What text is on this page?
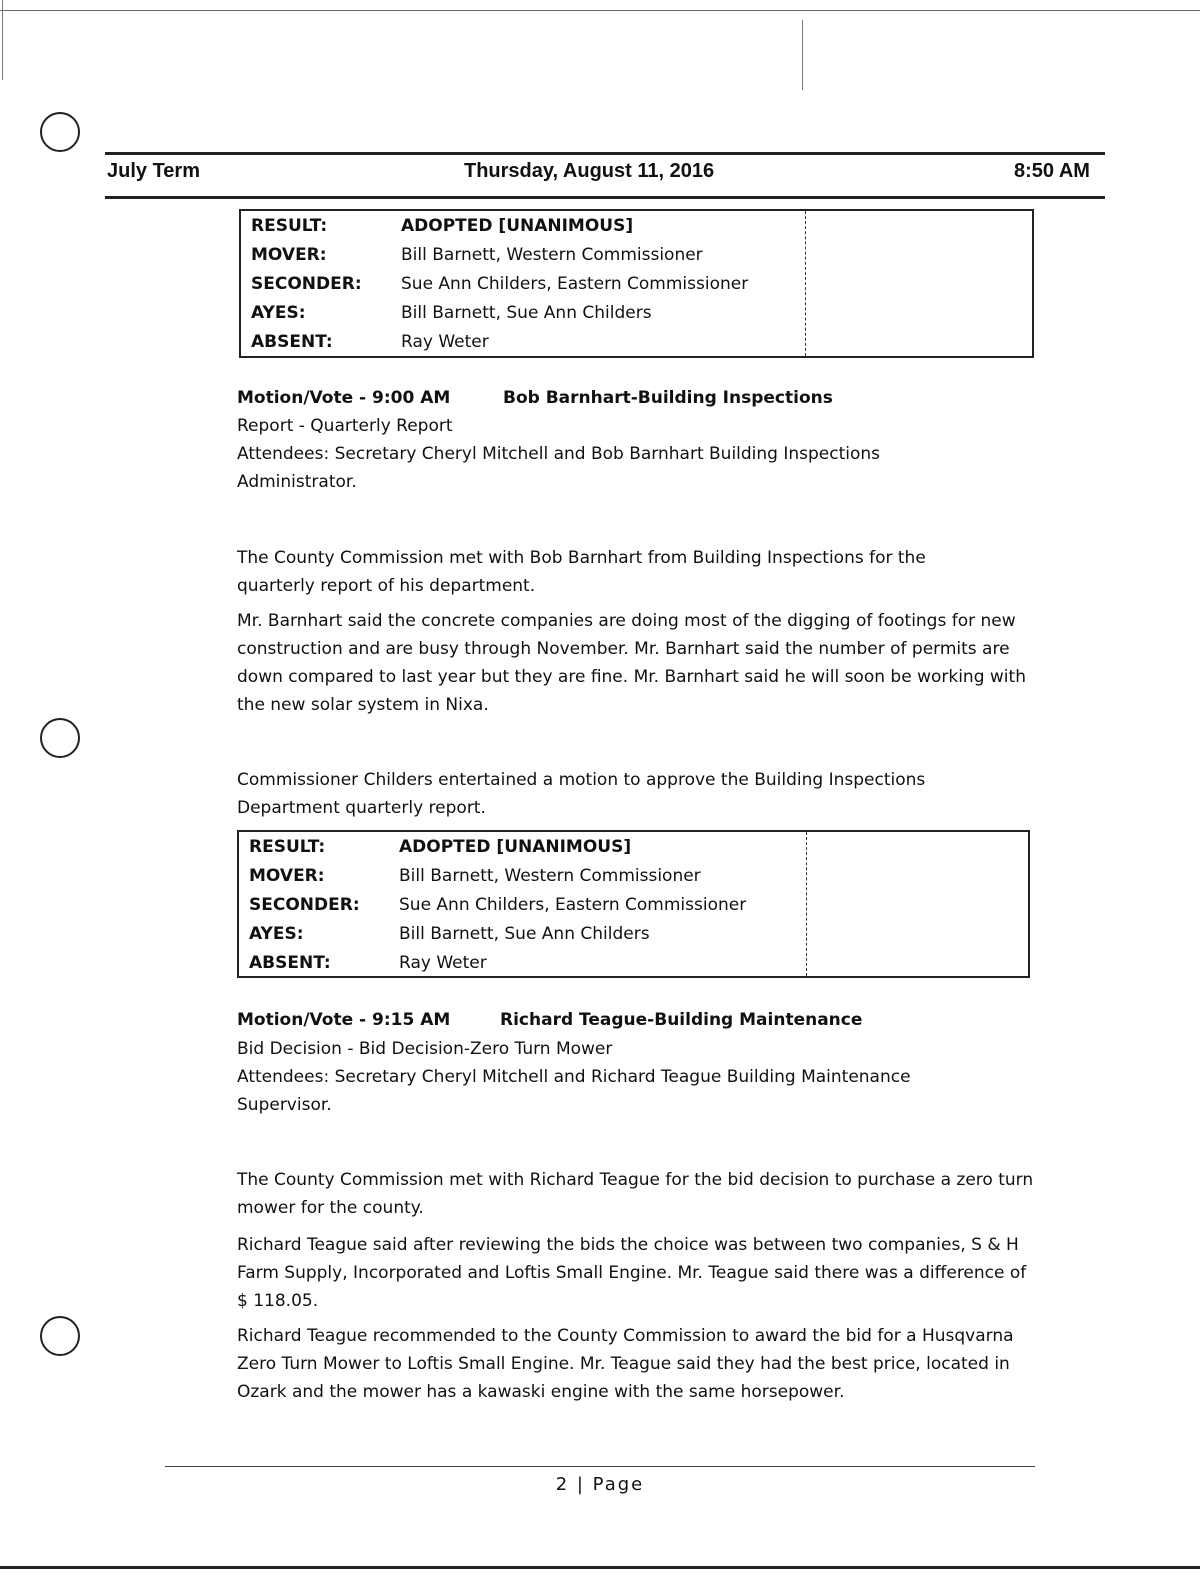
July Term	Thursday, August 11, 2016	8:50 AM
RESULT:	ADOPTED [UNANIMOUS]
MOVER:	Bill Barnett, Western Commissioner
SECONDER: Sue Ann Childers, Eastern Commissioner
AYES:	Bill Barnett, Sue Ann Childers
ABSENT:	Ray Weter
Motion/Vote - 9:00 AM	Bob Barnhart-Building Inspections
Report - Quarterly Report
Attendees: Secretary Cheryl Mitchell and Bob Barnhart Building Inspections Administrator.
The County Commission met with Bob Barnhart from Building Inspections for the quarterly report of his department.
Mr. Barnhart said the concrete companies are doing most of the digging of footings for new construction and are busy through November. Mr. Barnhart said the number of permits are down compared to last year but they are fine. Mr. Barnhart said he will soon be working with the new solar system in Nixa.
Commissioner Childers entertained a motion to approve the Building Inspections Department quarterly report.
RESULT:	ADOPTED [UNANIMOUS]
MOVER:	Bill Barnett, Western Commissioner
SECONDER: Sue Ann Childers, Eastern Commissioner
AYES:	Bill Barnett, Sue Ann Childers
ABSENT:	Ray Weter
Motion/Vote - 9:15 AM	Richard Teague-Building Maintenance
Bid Decision - Bid Decision-Zero Turn Mower
Attendees: Secretary Cheryl Mitchell and Richard Teague Building Maintenance Supervisor.
The County Commission met with Richard Teague for the bid decision to purchase a zero turn mower for the county.
Richard Teague said after reviewing the bids the choice was between two companies, S & H Farm Supply, Incorporated and Loftis Small Engine. Mr. Teague said there was a difference of $ 118.05.
Richard Teague recommended to the County Commission to award the bid for a Husqvarna Zero Turn Mower to Loftis Small Engine. Mr. Teague said they had the best price, located in Ozark and the mower has a kawaski engine with the same horsepower.
2 | Page
